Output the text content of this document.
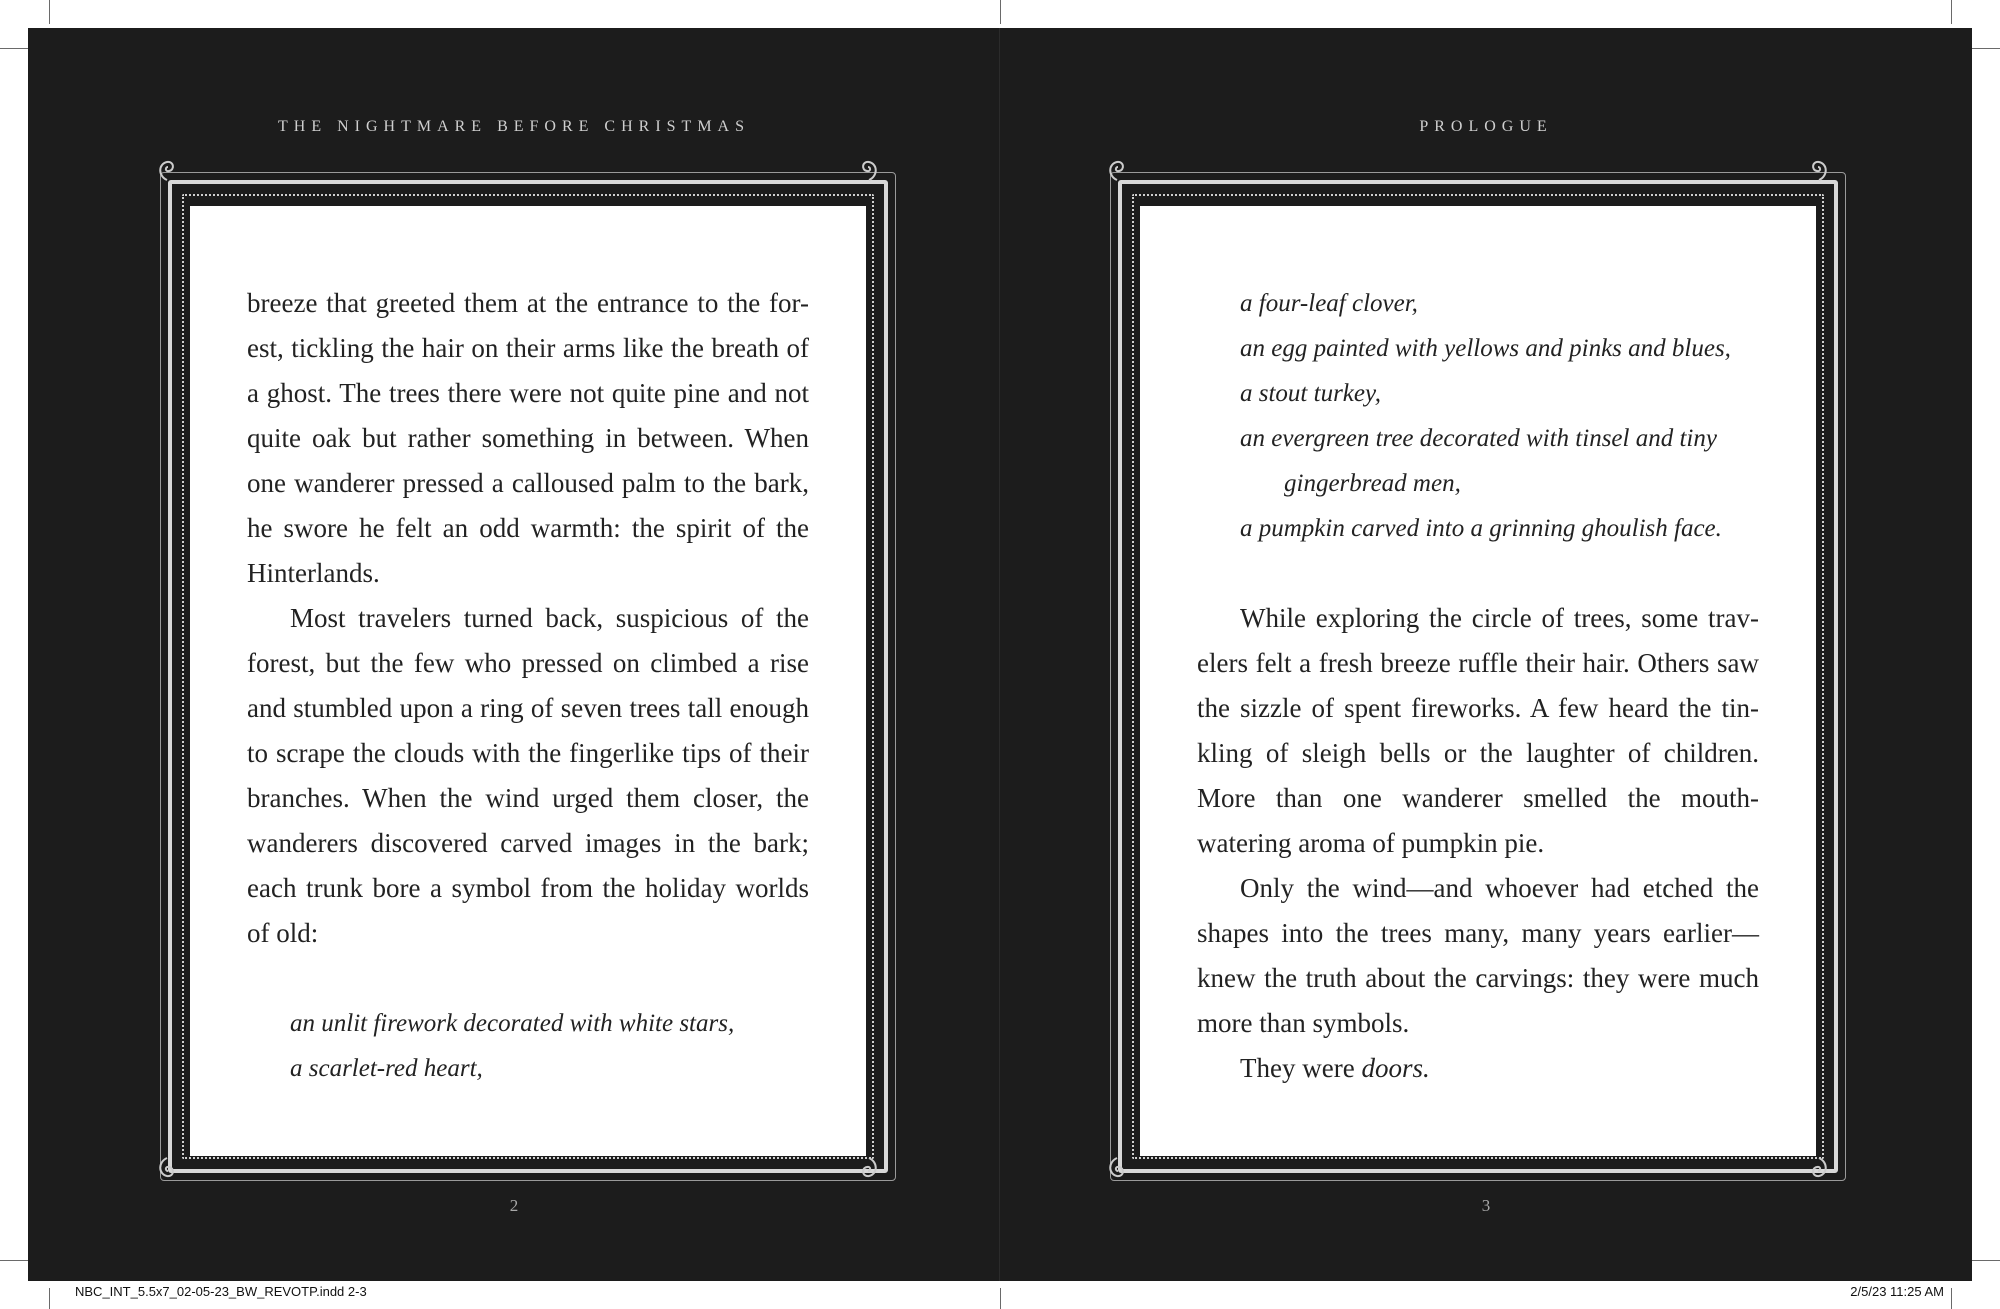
THE NIGHTMARE BEFORE CHRISTMAS

breeze that greeted them at the entrance to the for-est, tickling the hair on their arms like the breath of a ghost. The trees there were not quite pine and not quite oak but rather something in between. When one wanderer pressed a calloused palm to the bark, he swore he felt an odd warmth: the spirit of the Hinterlands.

Most travelers turned back, suspicious of the forest, but the few who pressed on climbed a rise and stumbled upon a ring of seven trees tall enough to scrape the clouds with the fingerlike tips of their branches. When the wind urged them closer, the wanderers discovered carved images in the bark; each trunk bore a symbol from the holiday worlds of old:

an unlit firework decorated with white stars,
a scarlet-red heart,
2
PROLOGUE
a four-leaf clover,
an egg painted with yellows and pinks and blues,
a stout turkey,
an evergreen tree decorated with tinsel and tiny
gingerbread men,
a pumpkin carved into a grinning ghoulish face.

While exploring the circle of trees, some trav-elers felt a fresh breeze ruffle their hair. Others saw the sizzle of spent fireworks. A few heard the tin-kling of sleigh bells or the laughter of children. More than one wanderer smelled the mouth-watering aroma of pumpkin pie.

Only the wind—and whoever had etched the shapes into the trees many, many years earlier—knew the truth about the carvings: they were much more than symbols.

They were doors.

3
NBC_INT_5.5x7_02-05-23_BW_REVOTP.indd 2-3	2/5/23 11:25 AM
